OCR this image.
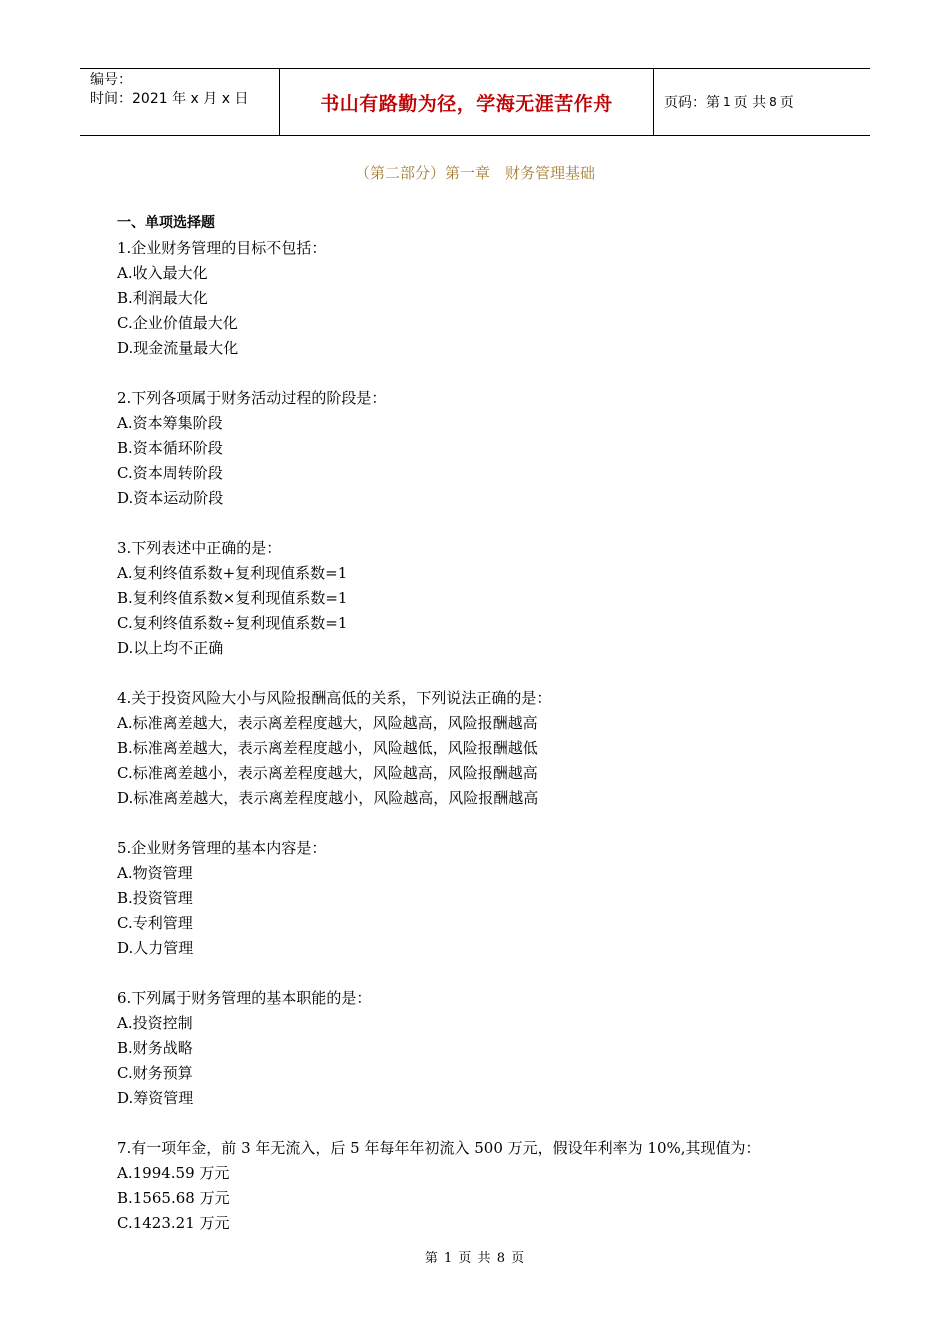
编号：
时间：2021 年 x 月 x 日	书山有路勤为径，学海无涯苦作舟	页码：第 1 页 共 8 页
（第二部分）第一章　财务管理基础
一、单项选择题
1.企业财务管理的目标不包括：
A.收入最大化
B.利润最大化
C.企业价值最大化
D.现金流量最大化
2.下列各项属于财务活动过程的阶段是：
A.资本筹集阶段
B.资本循环阶段
C.资本周转阶段
D.资本运动阶段
3.下列表述中正确的是：
A.复利终值系数+复利现值系数=1
B.复利终值系数×复利现值系数=1
C.复利终值系数÷复利现值系数=1
D.以上均不正确
4.关于投资风险大小与风险报酬高低的关系，下列说法正确的是：
A.标准离差越大，表示离差程度越大，风险越高，风险报酬越高
B.标准离差越大，表示离差程度越小，风险越低，风险报酬越低
C.标准离差越小，表示离差程度越大，风险越高，风险报酬越高
D.标准离差越大，表示离差程度越小，风险越高，风险报酬越高
5.企业财务管理的基本内容是：
A.物资管理
B.投资管理
C.专利管理
D.人力管理
6.下列属于财务管理的基本职能的是：
A.投资控制
B.财务战略
C.财务预算
D.筹资管理
7.有一项年金，前 3 年无流入，后 5 年每年年初流入 500 万元，假设年利率为 10%,其现值为：
A.1994.59 万元
B.1565.68 万元
C.1423.21 万元
第 1 页 共 8 页
